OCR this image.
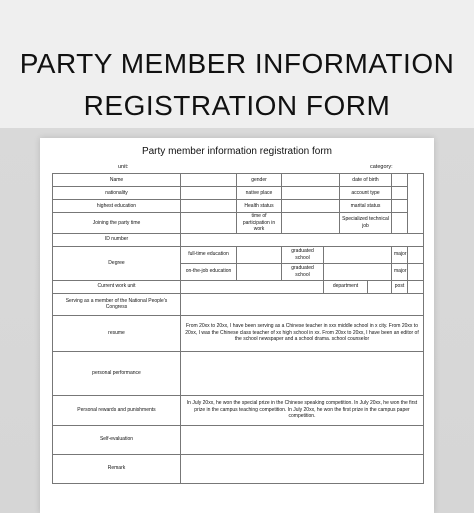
PARTY MEMBER INFORMATION
REGISTRATION FORM
Party member information registration form
unit:	category:
Name		gender			date of birth			
nationality		native place			account type			
highest education		Health status			marital status			
Joining the party time		time of participation in work			Specialized technical job			
ID number								
Degree	full-time education		graduated school				major	
	on-the-job education		graduated school				major	
Current work unit				department			post	
Serving as a member of the National People's Congress								
resume	From 20xx to 20xx, I have been serving as a Chinese teacher in xxx middle school in x city. From 20xx to 20xx, I was the Chinese class teacher of xx high school in xx. From 20xx to 20xx, I have been an editor of the school newspaper and a school drama. school counselor							
personal performance								
Personal rewards and punishments	In July 20xx, he won the special prize in the Chinese speaking competition. In July 20xx, he won the first prize in the campus teaching competition. In July 20xx, he won the first prize in the campus paper competition.							
Self-evaluation								
Remark								
